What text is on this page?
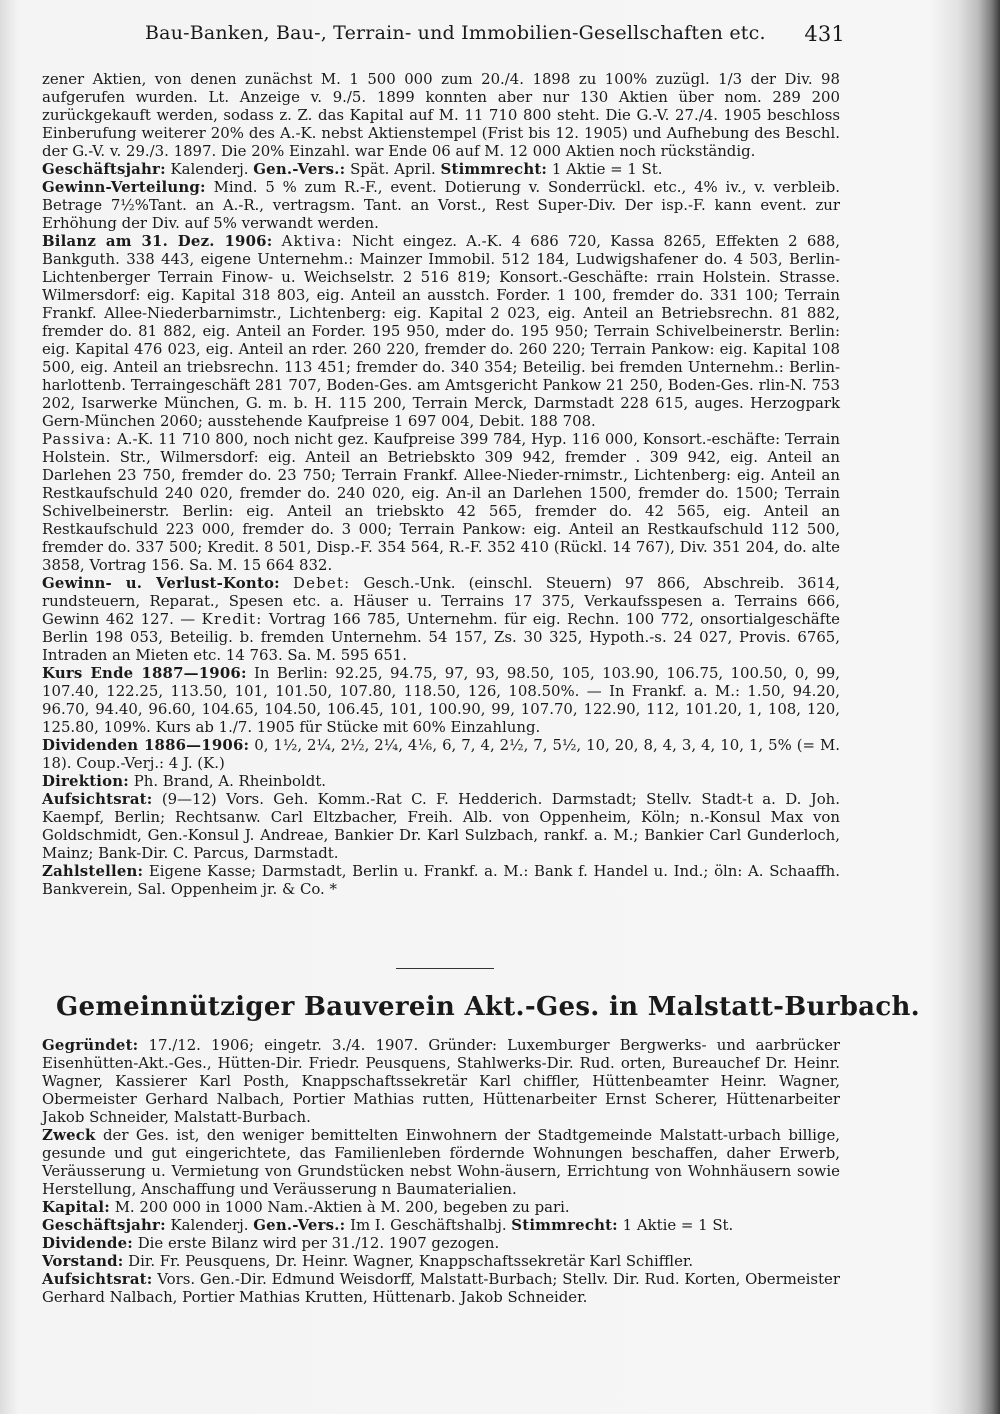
Bau-Banken, Bau-, Terrain- und Immobilien-Gesellschaften etc. 431

zener Aktien, von denen zunächst M. 1 500 000 zum 20./4. 1898 zu 100% zuzügl. 1/3 der Div. 98 aufgerufen wurden. Lt. Anzeige v. 9./5. 1899 konnten aber nur 130 Aktien über nom. 289 200 zurückgekauft werden, sodass z. Z. das Kapital auf M. 11 710 800 steht. Die G.-V. 27./4. 1905 beschloss Einberufung weiterer 20% des A.-K. nebst Aktienstempel (Frist bis 12. 1905) und Aufhebung des Beschl. der G.-V. v. 29./3. 1897. Die 20% Einzahl. war Ende 06 auf M. 12 000 Aktien noch rückständig.

Geschäftsjahr: Kalenderj. Gen.-Vers.: Spät. April. Stimmrecht: 1 Aktie = 1 St.

Gewinn-Verteilung: Mind. 5 % zum R.-F., event. Dotierung v. Sonderrückl. etc., 4% iv., v. verbleib. Betrage 7½%Tant. an A.-R., vertragsm. Tant. an Vorst., Rest Super-Div. Der isp.-F. kann event. zur Erhöhung der Div. auf 5% verwandt werden.

Bilanz am 31. Dez. 1906: Aktiva: Nicht eingez. A.-K. 4 686 720, Kassa 8265, Effekten 2 688, Bankguth. 338 443, eigene Unternehm.: Mainzer Immobil. 512 184, Ludwigshafener do. 4 503, Berlin-Lichtenberger Terrain Finow- u. Weichselstr. 2 516 819; Konsort.-Geschäfte: rrain Holstein. Strasse. Wilmersdorf: eig. Kapital 318 803, eig. Anteil an ausstch. Forder. 1 100, fremder do. 331 100; Terrain Frankf. Allee-Niederbarnimstr., Lichtenberg: eig. Kapital 2 023, eig. Anteil an Betriebsrechn. 81 882, fremder do. 81 882, eig. Anteil an Forder. 195 950, mder do. 195 950; Terrain Schivelbeinerstr. Berlin: eig. Kapital 476 023, eig. Anteil an rder. 260 220, fremder do. 260 220; Terrain Pankow: eig. Kapital 108 500, eig. Anteil an triebsrechn. 113 451; fremder do. 340 354; Beteilig. bei fremden Unternehm.: Berlin-harlottenb. Terraingeschäft 281 707, Boden-Ges. am Amtsgericht Pankow 21 250, Boden-Ges. rlin-N. 753 202, Isarwerke München, G. m. b. H. 115 200, Terrain Merck, Darmstadt 228 615, auges. Herzogpark Gern-München 2060; ausstehende Kaufpreise 1 697 004, Debit. 188 708.

Passiva: A.-K. 11 710 800, noch nicht gez. Kaufpreise 399 784, Hyp. 116 000, Konsort.-eschäfte: Terrain Holstein. Str., Wilmersdorf: eig. Anteil an Betriebskto 309 942, fremder . 309 942, eig. Anteil an Darlehen 23 750, fremder do. 23 750; Terrain Frankf. Allee-Nieder-rnimstr., Lichtenberg: eig. Anteil an Restkaufschuld 240 020, fremder do. 240 020, eig. An-il an Darlehen 1500, fremder do. 1500; Terrain Schivelbeinerstr. Berlin: eig. Anteil an triebskto 42 565, fremder do. 42 565, eig. Anteil an Restkaufschuld 223 000, fremder do. 3 000; Terrain Pankow: eig. Anteil an Restkaufschuld 112 500, fremder do. 337 500; Kredit. 8 501, Disp.-F. 354 564, R.-F. 352 410 (Rückl. 14 767), Div. 351 204, do. alte 3858, Vortrag 156. Sa. M. 15 664 832.

Gewinn- u. Verlust-Konto: Debet: Gesch.-Unk. (einschl. Steuern) 97 866, Abschreib. 3614, rundsteuern, Reparat., Spesen etc. a. Häuser u. Terrains 17 375, Verkaufsspesen a. Terrains 666, Gewinn 462 127. — Kredit: Vortrag 166 785, Unternehm. für eig. Rechn. 100 772, onsortialgeschäfte Berlin 198 053, Beteilig. b. fremden Unternehm. 54 157, Zs. 30 325, Hypoth.-s. 24 027, Provis. 6765, Intraden an Mieten etc. 14 763. Sa. M. 595 651.

Kurs Ende 1887—1906: In Berlin: 92.25, 94.75, 97, 93, 98.50, 105, 103.90, 106.75, 100.50, 0, 99, 107.40, 122.25, 113.50, 101, 101.50, 107.80, 118.50, 126, 108.50%. — In Frankf. a. M.: 1.50, 94.20, 96.70, 94.40, 96.60, 104.65, 104.50, 106.45, 101, 100.90, 99, 107.70, 122.90, 112, 101.20, 1, 108, 120, 125.80, 109%. Kurs ab 1./7. 1905 für Stücke mit 60% Einzahlung.

Dividenden 1886—1906: 0, 1½, 2¼, 2½, 2¼, 4⅙, 6, 7, 4, 2½, 7, 5½, 10, 20, 8, 4, 3, 4, 10, 1, 5% (= M. 18). Coup.-Verj.: 4 J. (K.)

Direktion: Ph. Brand, A. Rheinboldt.

Aufsichtsrat: (9—12) Vors. Geh. Komm.-Rat C. F. Hedderich. Darmstadt; Stellv. Stadt-t a. D. Joh. Kaempf, Berlin; Rechtsanw. Carl Eltzbacher, Freih. Alb. von Oppenheim, Köln; n.-Konsul Max von Goldschmidt, Gen.-Konsul J. Andreae, Bankier Dr. Karl Sulzbach, rankf. a. M.; Bankier Carl Gunderloch, Mainz; Bank-Dir. C. Parcus, Darmstadt.

Zahlstellen: Eigene Kasse; Darmstadt, Berlin u. Frankf. a. M.: Bank f. Handel u. Ind.; öln: A. Schaaffh. Bankverein, Sal. Oppenheim jr. & Co. *

Gemeinnütziger Bauverein Akt.-Ges. in Malstatt-Burbach.

Gegründet: 17./12. 1906; eingetr. 3./4. 1907. Gründer: Luxemburger Bergwerks- und aarbrücker Eisenhütten-Akt.-Ges., Hütten-Dir. Friedr. Peusquens, Stahlwerks-Dir. Rud. orten, Bureauchef Dr. Heinr. Wagner, Kassierer Karl Posth, Knappschaftssekretär Karl chiffler, Hüttenbeamter Heinr. Wagner, Obermeister Gerhard Nalbach, Portier Mathias rutten, Hüttenarbeiter Ernst Scherer, Hüttenarbeiter Jakob Schneider, Malstatt-Burbach.

Zweck der Ges. ist, den weniger bemittelten Einwohnern der Stadtgemeinde Malstatt-urbach billige, gesunde und gut eingerichtete, das Familienleben fördernde Wohnungen beschaffen, daher Erwerb, Veräusserung u. Vermietung von Grundstücken nebst Wohn-äusern, Errichtung von Wohnhäusern sowie Herstellung, Anschaffung und Veräusserung n Baumaterialien.

Kapital: M. 200 000 in 1000 Nam.-Aktien à M. 200, begeben zu pari.

Geschäftsjahr: Kalenderj. Gen.-Vers.: Im I. Geschäftshalbj. Stimmrecht: 1 Aktie = 1 St.

Dividende: Die erste Bilanz wird per 31./12. 1907 gezogen.

Vorstand: Dir. Fr. Peusquens, Dr. Heinr. Wagner, Knappschaftssekretär Karl Schiffler.

Aufsichtsrat: Vors. Gen.-Dir. Edmund Weisdorff, Malstatt-Burbach; Stellv. Dir. Rud. Korten, Obermeister Gerhard Nalbach, Portier Mathias Krutten, Hüttenarb. Jakob Schneider.
